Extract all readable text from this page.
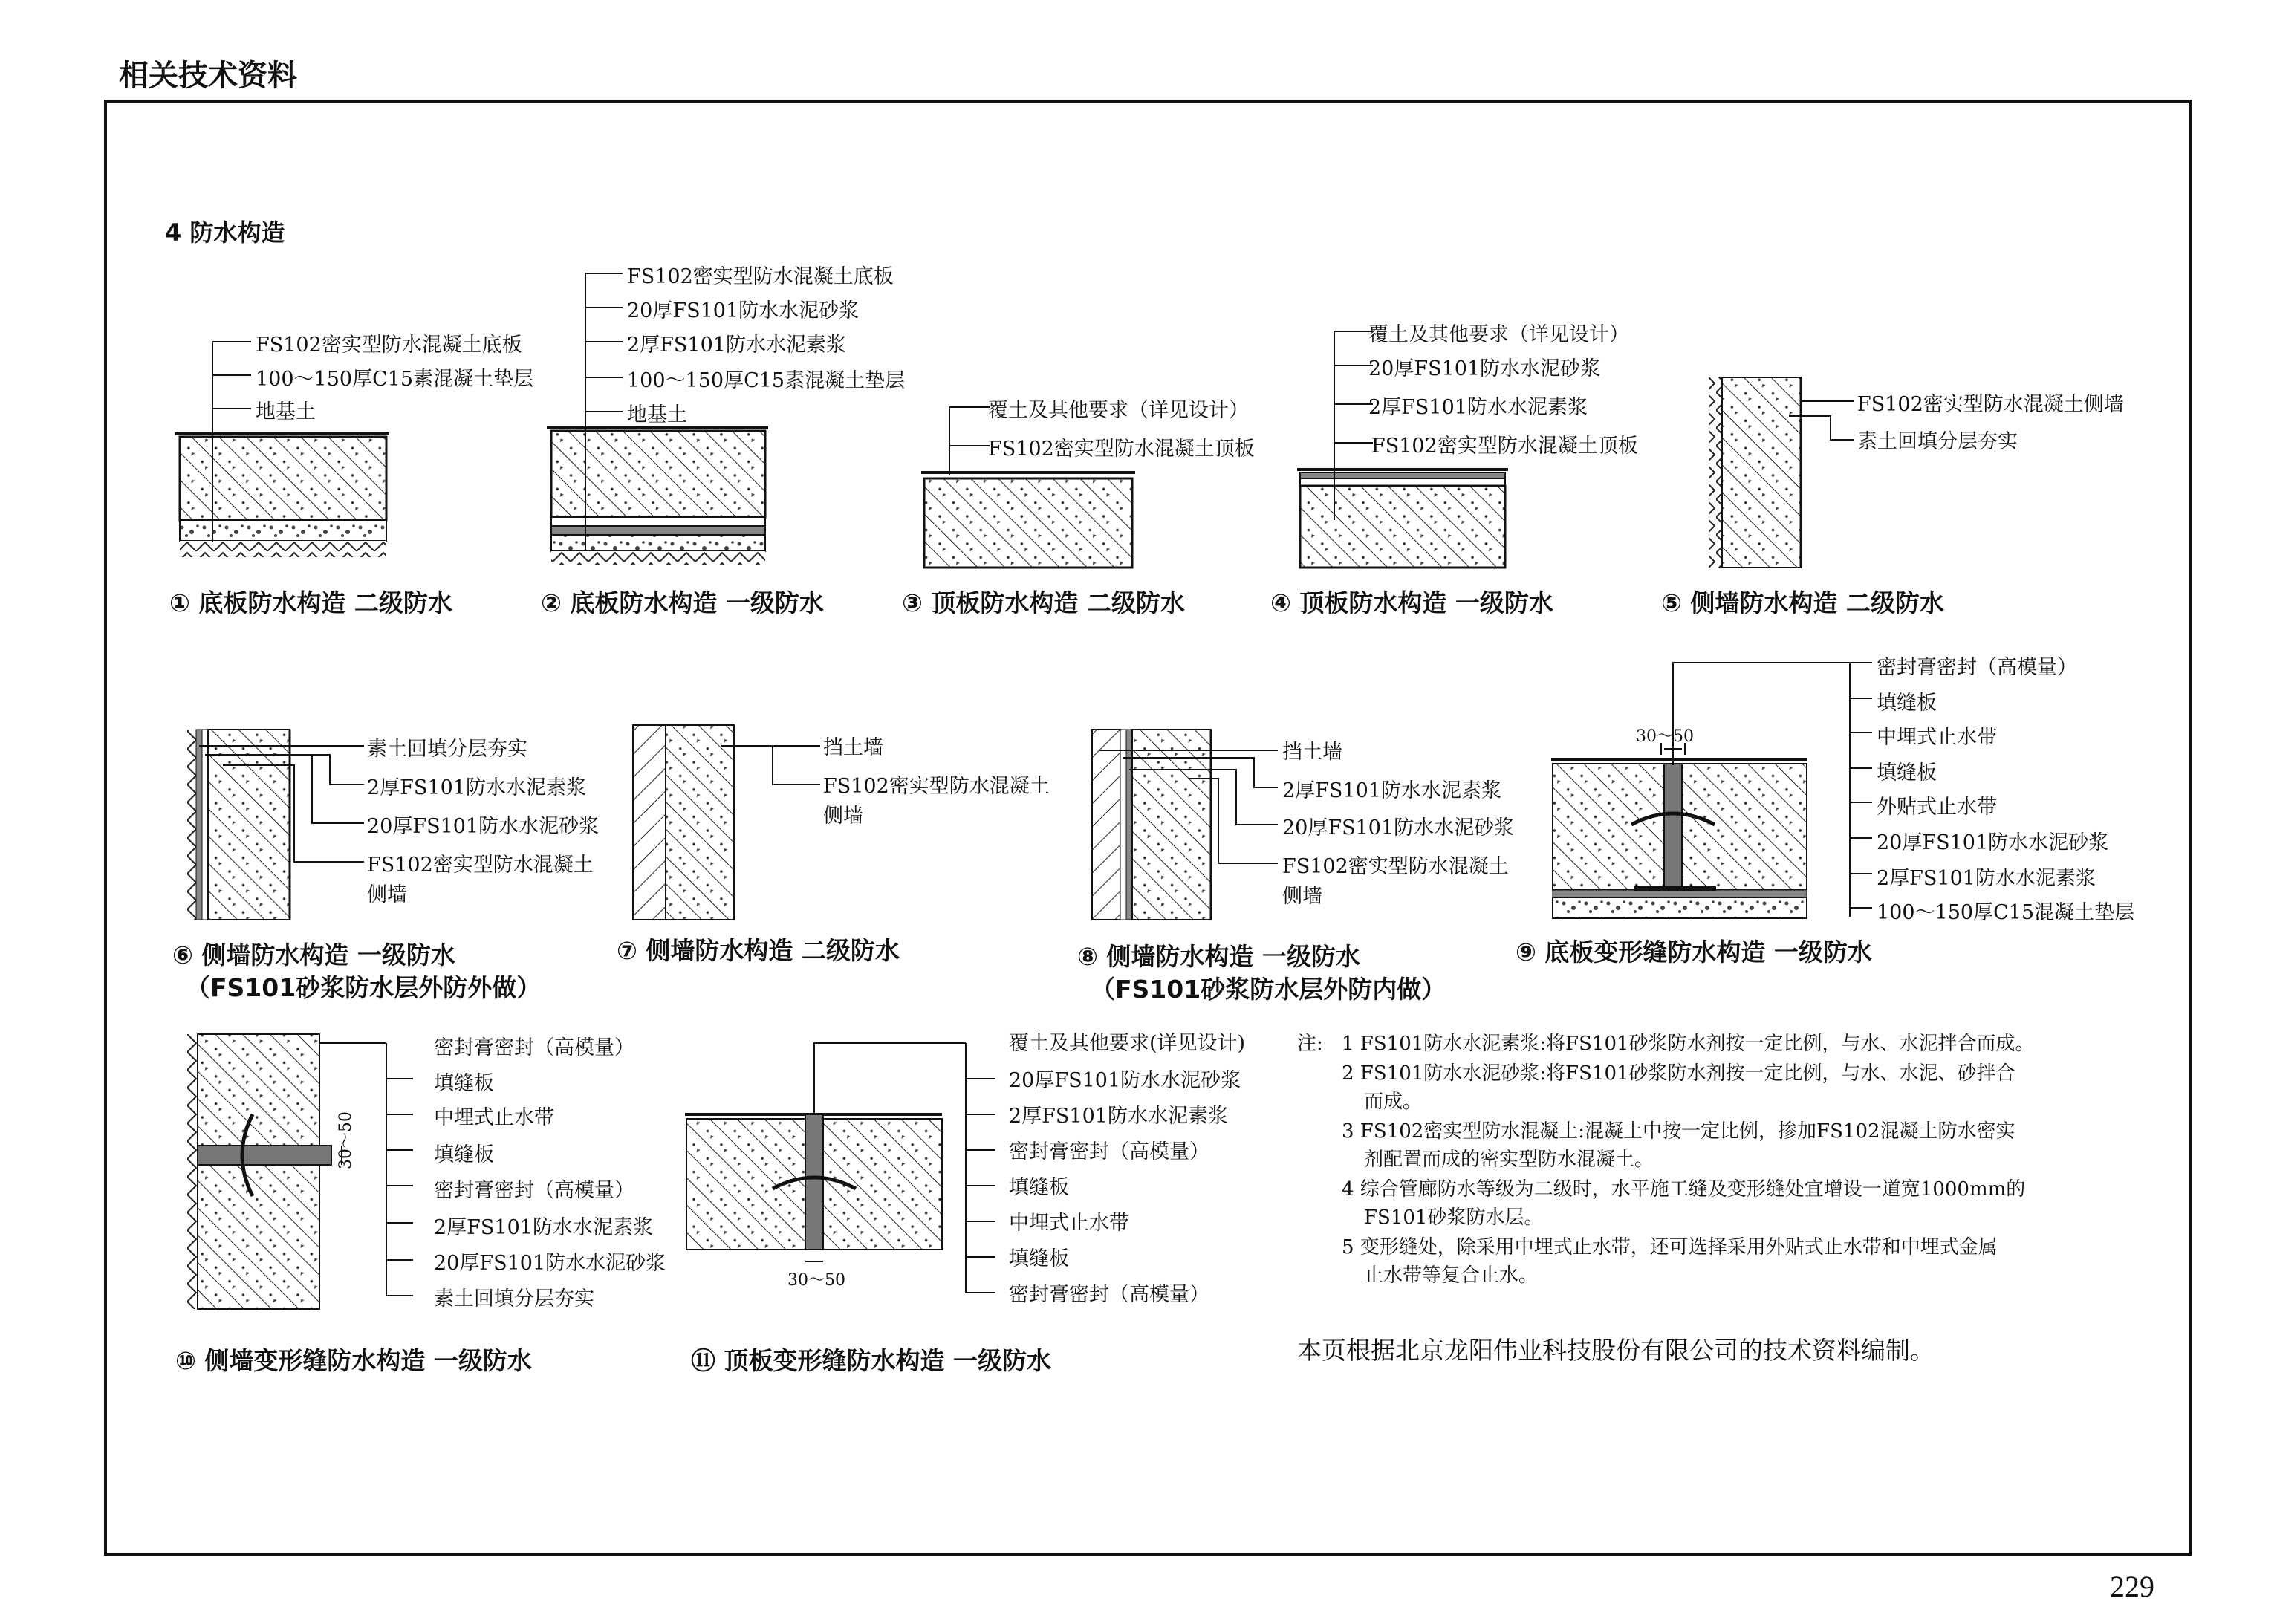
相关技术资料
4 防水构造
FS102密实型防水混凝土底板
100～150厚C15素混凝土垫层
地基土
① 底板防水构造 二级防水
FS102密实型防水混凝土底板
20厚FS101防水水泥砂浆
2厚FS101防水水泥素浆
100～150厚C15素混凝土垫层
地基土
② 底板防水构造 一级防水
覆土及其他要求（详见设计）
FS102密实型防水混凝土顶板
③ 顶板防水构造 二级防水
覆土及其他要求（详见设计）
20厚FS101防水水泥砂浆
2厚FS101防水水泥素浆
FS102密实型防水混凝土顶板
④ 顶板防水构造 一级防水
FS102密实型防水混凝土侧墙
素土回填分层夯实
⑤ 侧墙防水构造 二级防水
素土回填分层夯实
2厚FS101防水水泥素浆
20厚FS101防水水泥砂浆
FS102密实型防水混凝土
侧墙
⑥ 侧墙防水构造 一级防水
（FS101砂浆防水层外防外做）
挡土墙
FS102密实型防水混凝土
侧墙
⑦ 侧墙防水构造 二级防水
挡土墙
2厚FS101防水水泥素浆
20厚FS101防水水泥砂浆
FS102密实型防水混凝土
侧墙
⑧ 侧墙防水构造 一级防水
（FS101砂浆防水层外防内做）
30～50
密封膏密封（高模量）
填缝板
中埋式止水带
填缝板
外贴式止水带
20厚FS101防水水泥砂浆
2厚FS101防水水泥素浆
100～150厚C15混凝土垫层
⑨ 底板变形缝防水构造 一级防水
30～50
密封膏密封（高模量）
填缝板
中埋式止水带
填缝板
密封膏密封（高模量）
2厚FS101防水水泥素浆
20厚FS101防水水泥砂浆
素土回填分层夯实
⑩ 侧墙变形缝防水构造 一级防水
30～50
覆土及其他要求(详见设计)
20厚FS101防水水泥砂浆
2厚FS101防水水泥素浆
密封膏密封（高模量）
填缝板
中埋式止水带
填缝板
密封膏密封（高模量）
⑪ 顶板变形缝防水构造 一级防水
注: 1 FS101防水水泥素浆:将FS101砂浆防水剂按一定比例，与水、水泥拌合而成。
2 FS101防水水泥砂浆:将FS101砂浆防水剂按一定比例，与水、水泥、砂拌合
而成。
3 FS102密实型防水混凝土:混凝土中按一定比例，掺加FS102混凝土防水密实
剂配置而成的密实型防水混凝土。
4 综合管廊防水等级为二级时，水平施工缝及变形缝处宜增设一道宽1000mm的
FS101砂浆防水层。
5 变形缝处，除采用中埋式止水带，还可选择采用外贴式止水带和中埋式金属
止水带等复合止水。
本页根据北京龙阳伟业科技股份有限公司的技术资料编制。
229
